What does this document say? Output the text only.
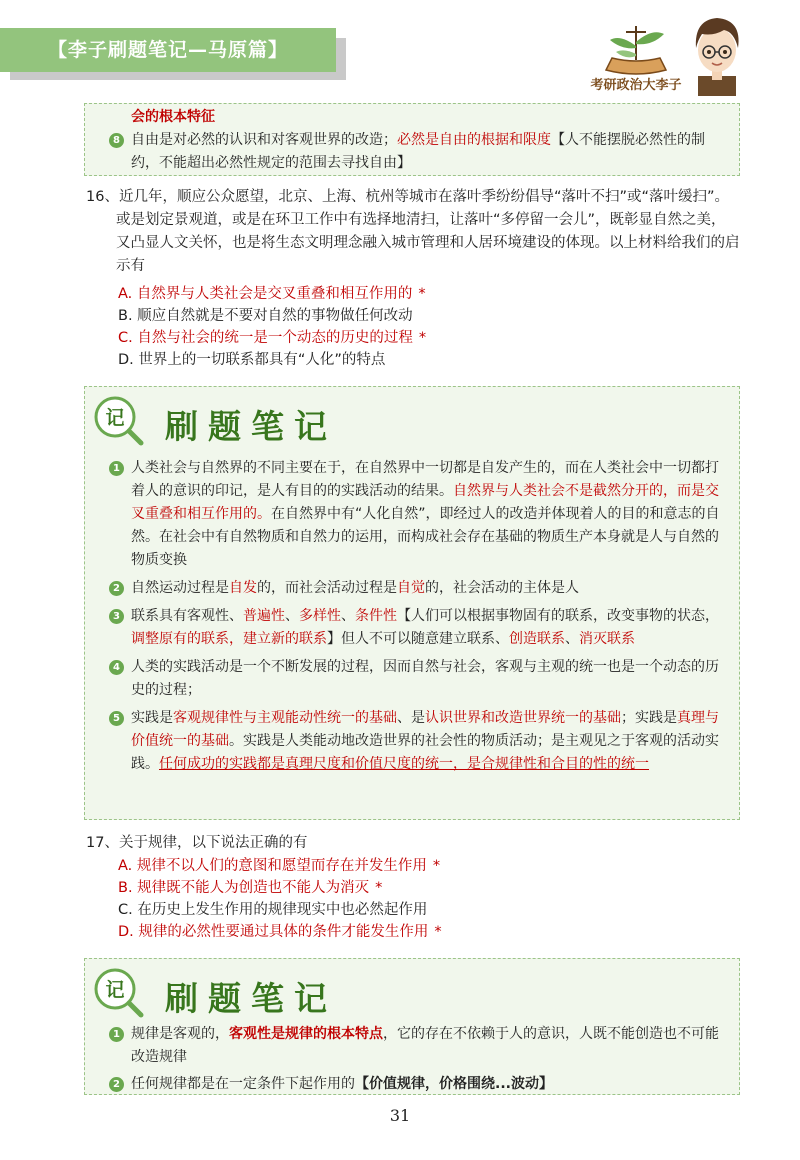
【李子刷题笔记—马原篇】
考研政治大李子
会的根本特征
8 自由是对必然的认识和对客观世界的改造；必然是自由的根据和限度【人不能摆脱必然性的制约，不能超出必然性规定的范围去寻找自由】
16、近几年，顺应公众愿望，北京、上海、杭州等城市在落叶季纷纷倡导“落叶不扫”或“落叶缓扫”。或是划定景观道，或是在环卫工作中有选择地清扫，让落叶“多停留一会儿”，既彰显自然之美，又凸显人文关怀，也是将生态文明理念融入城市管理和人居环境建设的体现。以上材料给我们的启示有
A. 自然界与人类社会是交叉重叠和相互作用的 *
B. 顺应自然就是不要对自然的事物做任何改动
C. 自然与社会的统一是一个动态的历史的过程 *
D. 世界上的一切联系都具有“人化”的特点
记 刷题笔记
1 人类社会与自然界的不同主要在于，在自然界中一切都是自发产生的，而在人类社会中一切都打着人的意识的印记，是人有目的的实践活动的结果。自然界与人类社会不是截然分开的，而是交叉重叠和相互作用的。在自然界中有“人化自然”，即经过人的改造并体现着人的目的和意志的自然。在社会中有自然物质和自然力的运用，而构成社会存在基础的物质生产本身就是人与自然的物质变换
2 自然运动过程是自发的，而社会活动过程是自觉的，社会活动的主体是人
3 联系具有客观性、普遍性、多样性、条件性【人们可以根据事物固有的联系，改变事物的状态，调整原有的联系，建立新的联系】但人不可以随意建立联系、创造联系、消灭联系
4 人类的实践活动是一个不断发展的过程，因而自然与社会，客观与主观的统一也是一个动态的历史的过程；
5 实践是客观规律性与主观能动性统一的基础、是认识世界和改造世界统一的基础；实践是真理与价值统一的基础。实践是人类能动地改造世界的社会性的物质活动；是主观见之于客观的活动实践。任何成功的实践都是真理尺度和价值尺度的统一，是合规律性和合目的性的统一
17、关于规律，以下说法正确的有
A. 规律不以人们的意图和愿望而存在并发生作用 *
B. 规律既不能人为创造也不能人为消灭 *
C. 在历史上发生作用的规律现实中也必然起作用
D. 规律的必然性要通过具体的条件才能发生作用 *
记 刷题笔记
1 规律是客观的，客观性是规律的根本特点，它的存在不依赖于人的意识，人既不能创造也不可能改造规律
2 任何规律都是在一定条件下起作用的【价值规律，价格围绕...波动】
31
